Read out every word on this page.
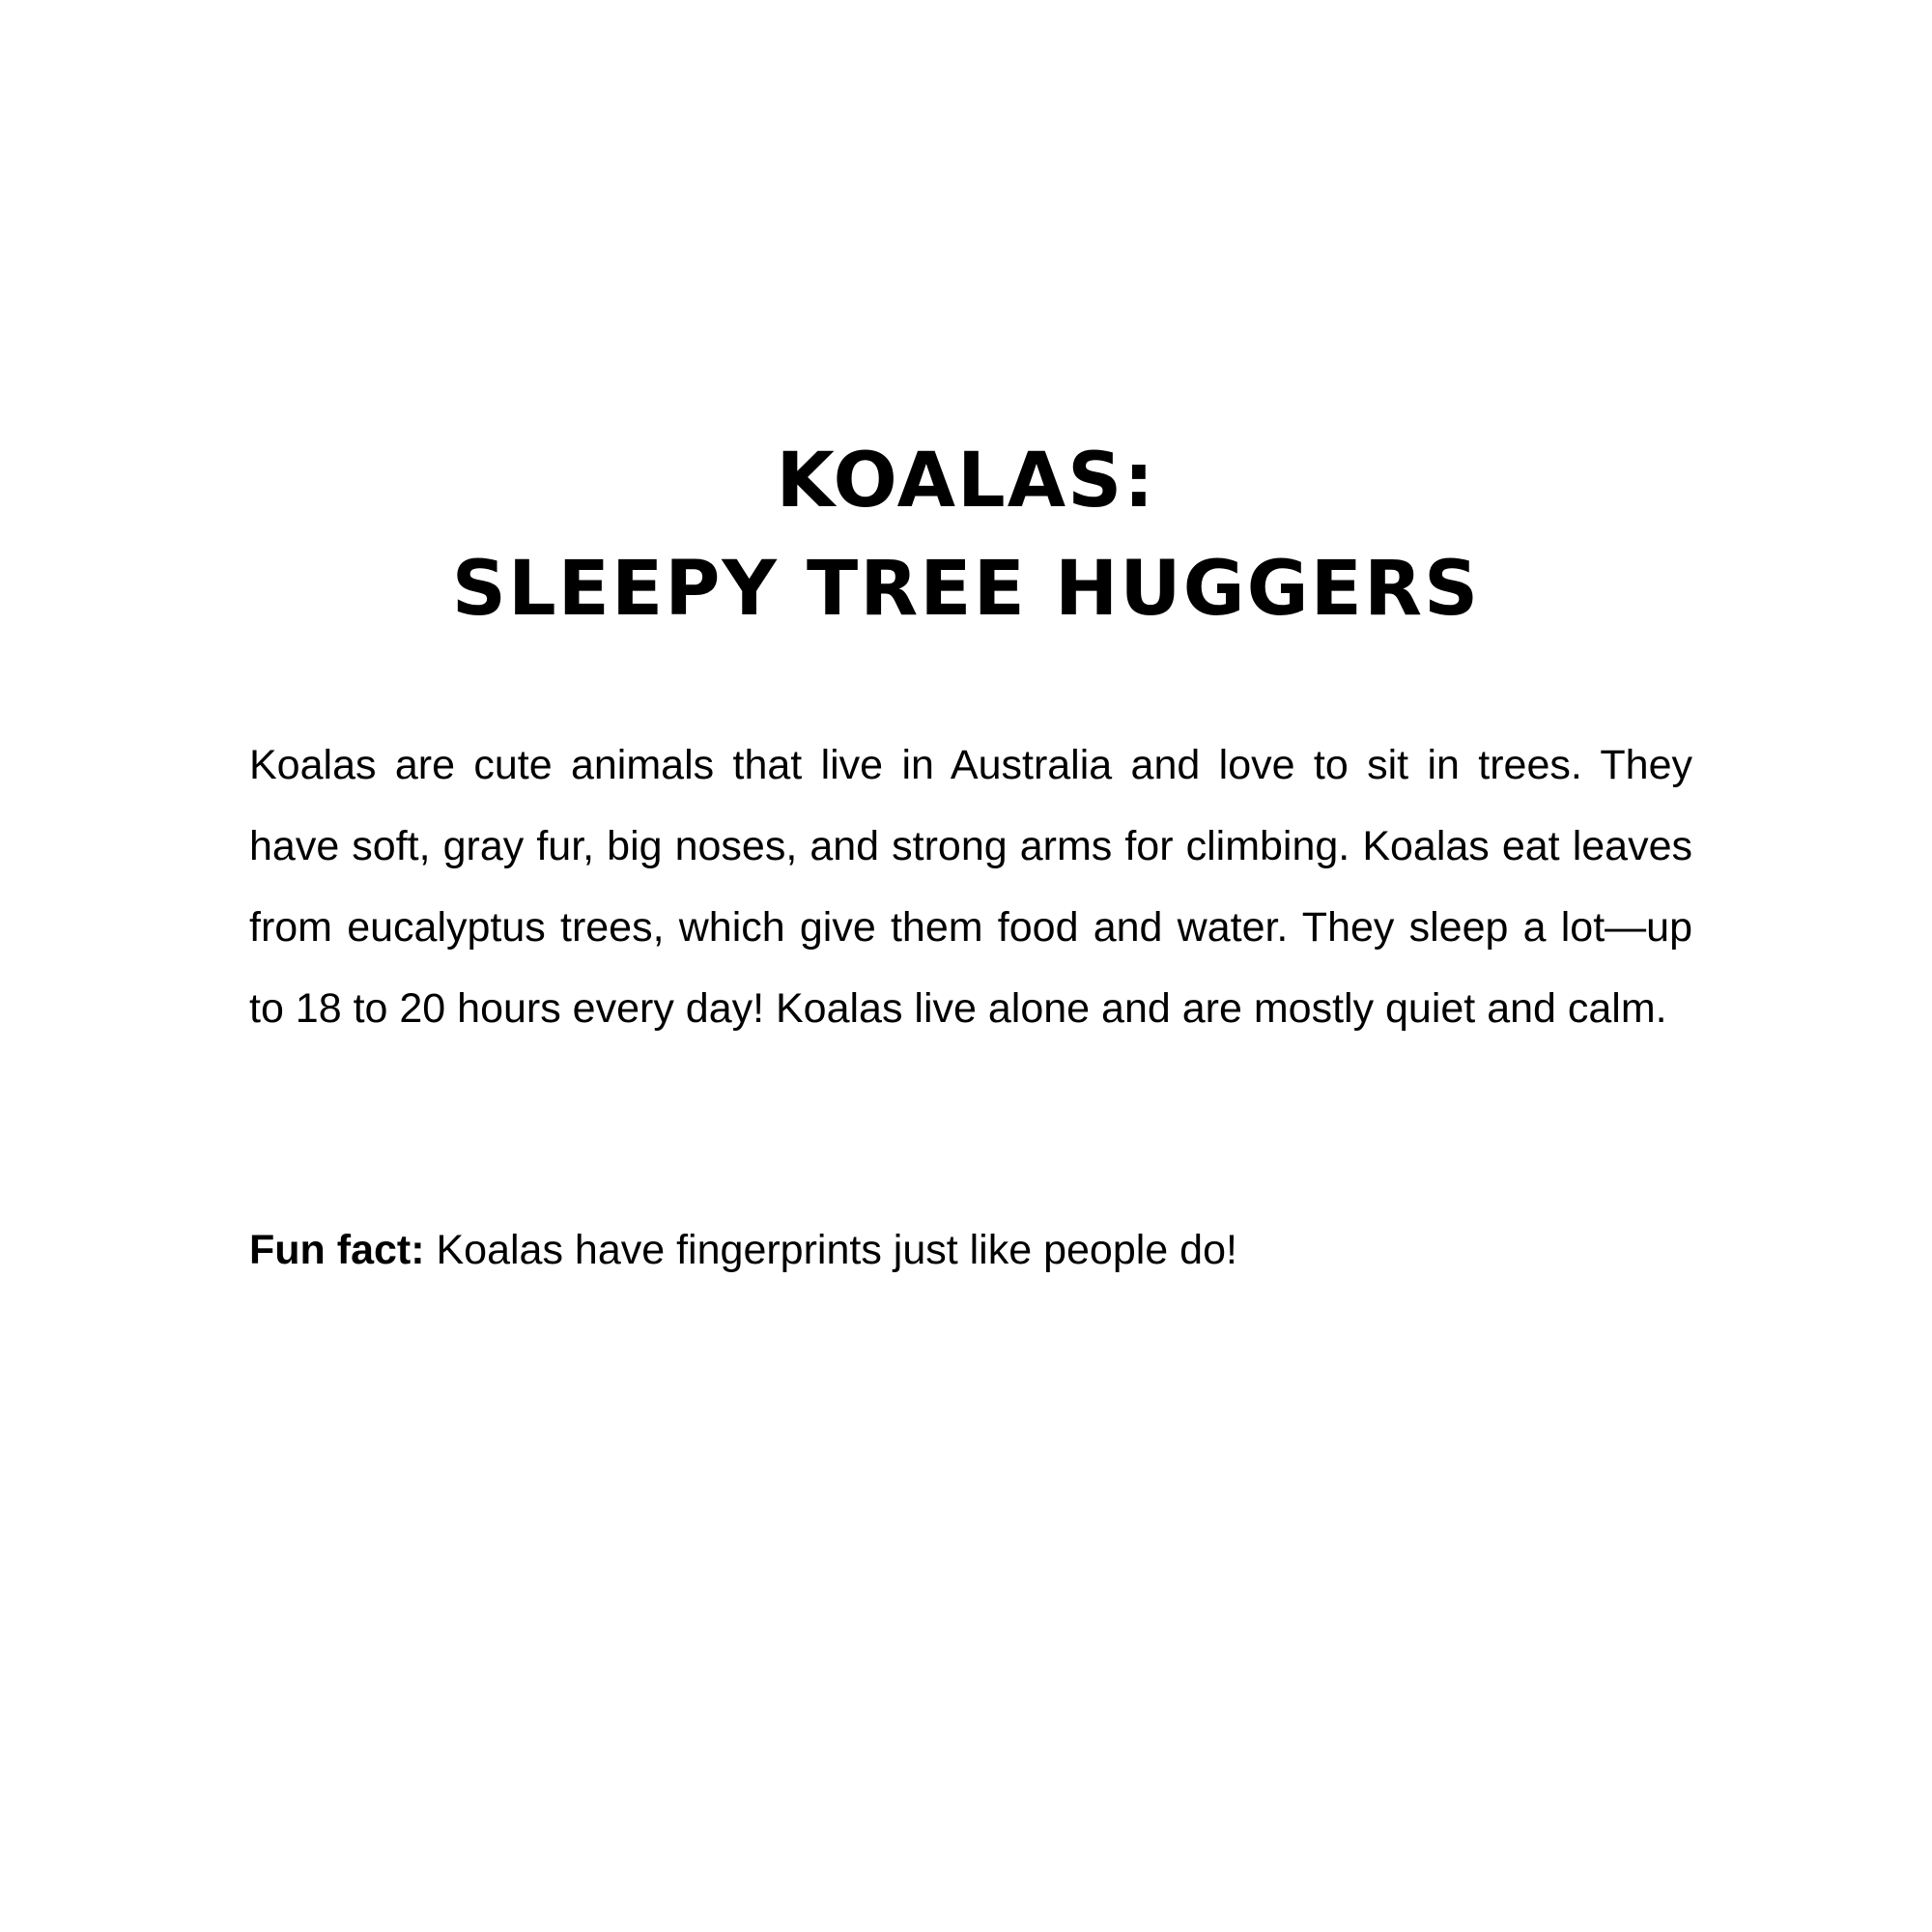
KOALAS:
SLEEPY TREE HUGGERS

Koalas are cute animals that live in Australia and love to sit in trees. They have soft, gray fur, big noses, and strong arms for climbing. Koalas eat leaves from eucalyptus trees, which give them food and water. They sleep a lot—up to 18 to 20 hours every day! Koalas live alone and are mostly quiet and calm.

Fun fact: Koalas have fingerprints just like people do!
